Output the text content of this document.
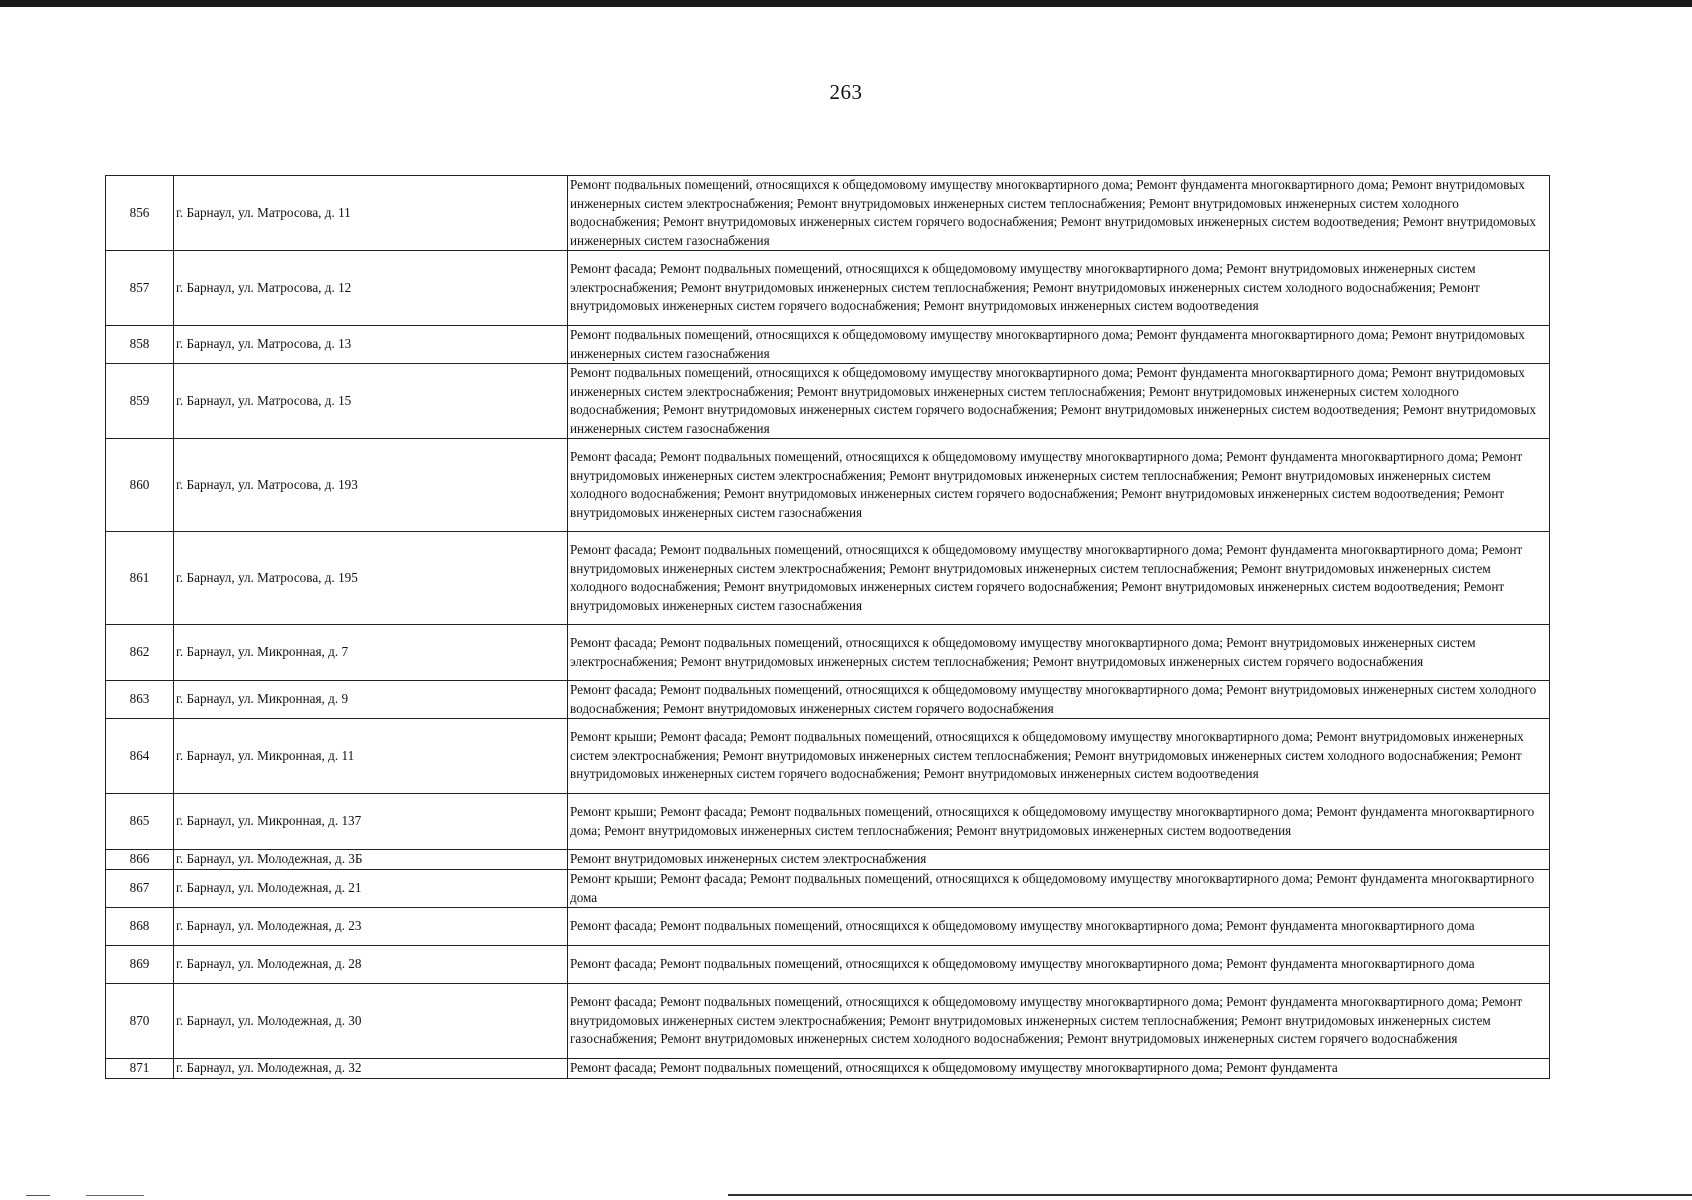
263
856	г. Барнаул, ул. Матросова, д. 11	Ремонт подвальных помещений, относящихся к общедомовому имуществу многоквартирного дома; Ремонт фундамента многоквартирного дома; Ремонт внутридомовых инженерных систем электроснабжения; Ремонт внутридомовых инженерных систем теплоснабжения; Ремонт внутридомовых инженерных систем холодного водоснабжения; Ремонт внутридомовых инженерных систем горячего водоснабжения; Ремонт внутридомовых инженерных систем водоотведения; Ремонт внутридомовых инженерных систем газоснабжения
857	г. Барнаул, ул. Матросова, д. 12	Ремонт фасада; Ремонт подвальных помещений, относящихся к общедомовому имуществу многоквартирного дома; Ремонт внутридомовых инженерных систем электроснабжения; Ремонт внутридомовых инженерных систем теплоснабжения; Ремонт внутридомовых инженерных систем холодного водоснабжения; Ремонт внутридомовых инженерных систем горячего водоснабжения; Ремонт внутридомовых инженерных систем водоотведения
858	г. Барнаул, ул. Матросова, д. 13	Ремонт подвальных помещений, относящихся к общедомовому имуществу многоквартирного дома; Ремонт фундамента многоквартирного дома; Ремонт внутридомовых инженерных систем газоснабжения
859	г. Барнаул, ул. Матросова, д. 15	Ремонт подвальных помещений, относящихся к общедомовому имуществу многоквартирного дома; Ремонт фундамента многоквартирного дома; Ремонт внутридомовых инженерных систем электроснабжения; Ремонт внутридомовых инженерных систем теплоснабжения; Ремонт внутридомовых инженерных систем холодного водоснабжения; Ремонт внутридомовых инженерных систем горячего водоснабжения; Ремонт внутридомовых инженерных систем водоотведения; Ремонт внутридомовых инженерных систем газоснабжения
860	г. Барнаул, ул. Матросова, д. 193	Ремонт фасада; Ремонт подвальных помещений, относящихся к общедомовому имуществу многоквартирного дома; Ремонт фундамента многоквартирного дома; Ремонт внутридомовых инженерных систем электроснабжения; Ремонт внутридомовых инженерных систем теплоснабжения; Ремонт внутридомовых инженерных систем холодного водоснабжения; Ремонт внутридомовых инженерных систем горячего водоснабжения; Ремонт внутридомовых инженерных систем водоотведения; Ремонт внутридомовых инженерных систем газоснабжения
861	г. Барнаул, ул. Матросова, д. 195	Ремонт фасада; Ремонт подвальных помещений, относящихся к общедомовому имуществу многоквартирного дома; Ремонт фундамента многоквартирного дома; Ремонт внутридомовых инженерных систем электроснабжения; Ремонт внутридомовых инженерных систем теплоснабжения; Ремонт внутридомовых инженерных систем холодного водоснабжения; Ремонт внутридомовых инженерных систем горячего водоснабжения; Ремонт внутридомовых инженерных систем водоотведения; Ремонт внутридомовых инженерных систем газоснабжения
862	г. Барнаул, ул. Микронная, д. 7	Ремонт фасада; Ремонт подвальных помещений, относящихся к общедомовому имуществу многоквартирного дома; Ремонт внутридомовых инженерных систем электроснабжения; Ремонт внутридомовых инженерных систем теплоснабжения; Ремонт внутридомовых инженерных систем горячего водоснабжения
863	г. Барнаул, ул. Микронная, д. 9	Ремонт фасада; Ремонт подвальных помещений, относящихся к общедомовому имуществу многоквартирного дома; Ремонт внутридомовых инженерных систем холодного водоснабжения; Ремонт внутридомовых инженерных систем горячего водоснабжения
864	г. Барнаул, ул. Микронная, д. 11	Ремонт крыши; Ремонт фасада; Ремонт подвальных помещений, относящихся к общедомовому имуществу многоквартирного дома; Ремонт внутридомовых инженерных систем электроснабжения; Ремонт внутридомовых инженерных систем теплоснабжения; Ремонт внутридомовых инженерных систем холодного водоснабжения; Ремонт внутридомовых инженерных систем горячего водоснабжения; Ремонт внутридомовых инженерных систем водоотведения
865	г. Барнаул, ул. Микронная, д. 137	Ремонт крыши; Ремонт фасада; Ремонт подвальных помещений, относящихся к общедомовому имуществу многоквартирного дома; Ремонт фундамента многоквартирного дома; Ремонт внутридомовых инженерных систем теплоснабжения; Ремонт внутридомовых инженерных систем водоотведения
866	г. Барнаул, ул. Молодежная, д. 3Б	Ремонт внутридомовых инженерных систем электроснабжения
867	г. Барнаул, ул. Молодежная, д. 21	Ремонт крыши; Ремонт фасада; Ремонт подвальных помещений, относящихся к общедомовому имуществу многоквартирного дома; Ремонт фундамента многоквартирного дома
868	г. Барнаул, ул. Молодежная, д. 23	Ремонт фасада; Ремонт подвальных помещений, относящихся к общедомовому имуществу многоквартирного дома; Ремонт фундамента многоквартирного дома
869	г. Барнаул, ул. Молодежная, д. 28	Ремонт фасада; Ремонт подвальных помещений, относящихся к общедомовому имуществу многоквартирного дома; Ремонт фундамента многоквартирного дома
870	г. Барнаул, ул. Молодежная, д. 30	Ремонт фасада; Ремонт подвальных помещений, относящихся к общедомовому имуществу многоквартирного дома; Ремонт фундамента многоквартирного дома; Ремонт внутридомовых инженерных систем электроснабжения; Ремонт внутридомовых инженерных систем теплоснабжения; Ремонт внутридомовых инженерных систем газоснабжения; Ремонт внутридомовых инженерных систем холодного водоснабжения; Ремонт внутридомовых инженерных систем горячего водоснабжения
871	г. Барнаул, ул. Молодежная, д. 32	Ремонт фасада; Ремонт подвальных помещений, относящихся к общедомовому имуществу многоквартирного дома; Ремонт фундамента
